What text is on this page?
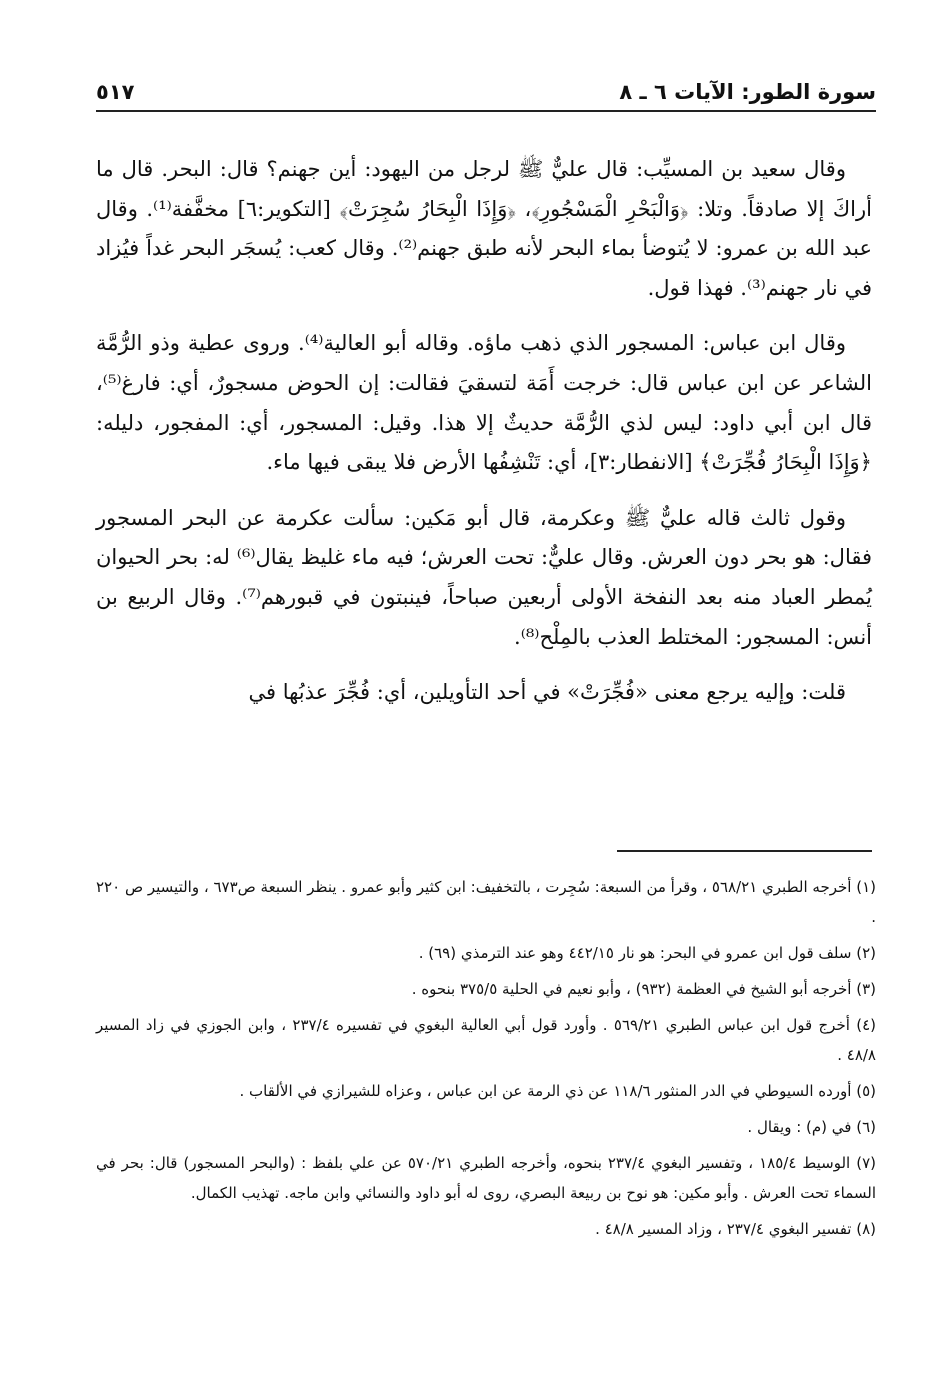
سورة الطور: الآيات ٦ ـ ٨
٥١٧

وقال سعيد بن المسيِّب: قال عليٌّ ﷺ لرجل من اليهود: أين جهنم؟ قال: البحر. قال ما أراكَ إلا صادقاً. وتلا: ﴿وَالْبَحْرِ الْمَسْجُورِ﴾، ﴿وَإِذَا الْبِحَارُ سُجِرَتْ﴾ [التكوير:٦] مخفَّفة⁽¹⁾. وقال عبد الله بن عمرو: لا يُتوضأ بماء البحر لأنه طبق جهنم⁽²⁾. وقال كعب: يُسجَر البحر غداً فيُزاد في نار جهنم⁽³⁾. فهذا قول.

وقال ابن عباس: المسجور الذي ذهب ماؤه. وقاله أبو العالية⁽⁴⁾. وروى عطية وذو الرُّمَّة الشاعر عن ابن عباس قال: خرجت أَمَة لتسقيَ فقالت: إن الحوض مسجورٌ، أي: فارغ⁽⁵⁾، قال ابن أبي داود: ليس لذي الرُّمَّة حديثٌ إلا هذا. وقيل: المسجور، أي: المفجور، دليله: ﴿وَإِذَا الْبِحَارُ فُجِّرَتْ﴾ [الانفطار:٣]، أي: تَنْشِفُها الأرض فلا يبقى فيها ماء.

وقول ثالث قاله عليٌّ ﷺ وعكرمة، قال أبو مَكين: سألت عكرمة عن البحر المسجور فقال: هو بحر دون العرش. وقال عليٌّ: تحت العرش؛ فيه ماء غليظ يقال⁽⁶⁾ له: بحر الحيوان يُمطر العباد منه بعد النفخة الأولى أربعين صباحاً، فينبتون في قبورهم⁽⁷⁾. وقال الربيع بن أنس: المسجور: المختلط العذب بالمِلْح⁽⁸⁾.

قلت: وإليه يرجع معنى «فُجِّرَتْ» في أحد التأويلين، أي: فُجِّرَ عذبُها في

(١) أخرجه الطبري ٥٦٨/٢١ ، وقرأ من السبعة: سُجِرت ، بالتخفيف: ابن كثير وأبو عمرو . ينظر السبعة ص٦٧٣ ، والتيسير ص ٢٢٠ .
(٢) سلف قول ابن عمرو في البحر: هو نار ٤٤٢/١٥ وهو عند الترمذي (٦٩) .
(٣) أخرجه أبو الشيخ في العظمة (٩٣٢) ، وأبو نعيم في الحلية ٣٧٥/٥ بنحوه .
(٤) أخرج قول ابن عباس الطبري ٥٦٩/٢١ . وأورد قول أبي العالية البغوي في تفسيره ٢٣٧/٤ ، وابن الجوزي في زاد المسير ٤٨/٨ .
(٥) أورده السيوطي في الدر المنثور ١١٨/٦ عن ذي الرمة عن ابن عباس ، وعزاه للشيرازي في الألقاب .
(٦) في (م) : ويقال .
(٧) الوسيط ١٨٥/٤ ، وتفسير البغوي ٢٣٧/٤ بنحوه، وأخرجه الطبري ٥٧٠/٢١ عن علي بلفظ : (والبحر المسجور) قال: بحر في السماء تحت العرش . وأبو مكين: هو نوح بن ربيعة البصري، روى له أبو داود والنسائي وابن ماجه. تهذيب الكمال.
(٨) تفسير البغوي ٢٣٧/٤ ، وزاد المسير ٤٨/٨ .
